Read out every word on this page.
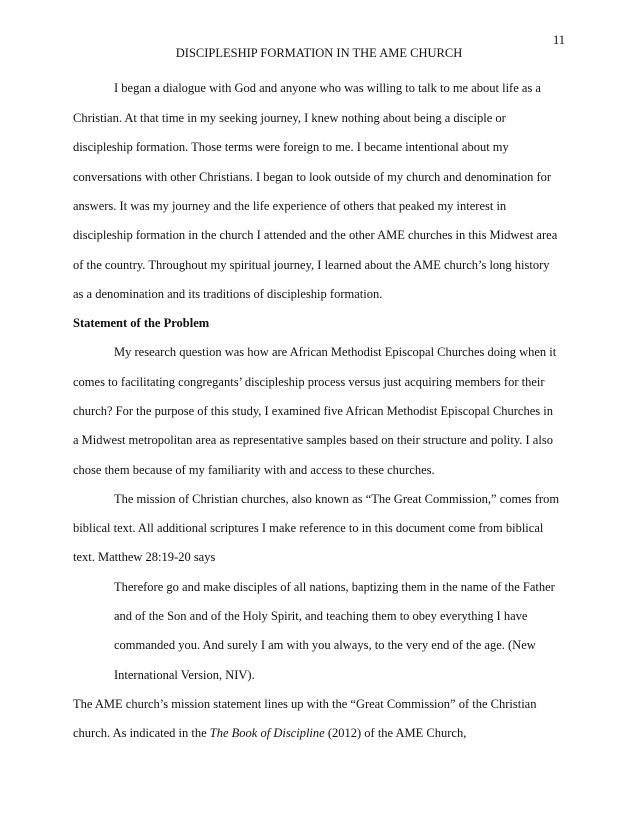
11
DISCIPLESHIP FORMATION IN THE AME CHURCH
I began a dialogue with God and anyone who was willing to talk to me about life as a
Christian. At that time in my seeking journey, I knew nothing about being a disciple or
discipleship formation. Those terms were foreign to me. I became intentional about my
conversations with other Christians. I began to look outside of my church and denomination for
answers. It was my journey and the life experience of others that peaked my interest in
discipleship formation in the church I attended and the other AME churches in this Midwest area
of the country. Throughout my spiritual journey, I learned about the AME church’s long history
as a denomination and its traditions of discipleship formation.
Statement of the Problem
My research question was how are African Methodist Episcopal Churches doing when it
comes to facilitating congregants’ discipleship process versus just acquiring members for their
church? For the purpose of this study, I examined five African Methodist Episcopal Churches in
a Midwest metropolitan area as representative samples based on their structure and polity. I also
chose them because of my familiarity with and access to these churches.
The mission of Christian churches, also known as “The Great Commission,” comes from
biblical text. All additional scriptures I make reference to in this document come from biblical
text. Matthew 28:19-20 says
Therefore go and make disciples of all nations, baptizing them in the name of the Father
and of the Son and of the Holy Spirit, and teaching them to obey everything I have
commanded you. And surely I am with you always, to the very end of the age. (New
International Version, NIV).
The AME church’s mission statement lines up with the “Great Commission” of the Christian
church. As indicated in the The Book of Discipline (2012) of the AME Church,
